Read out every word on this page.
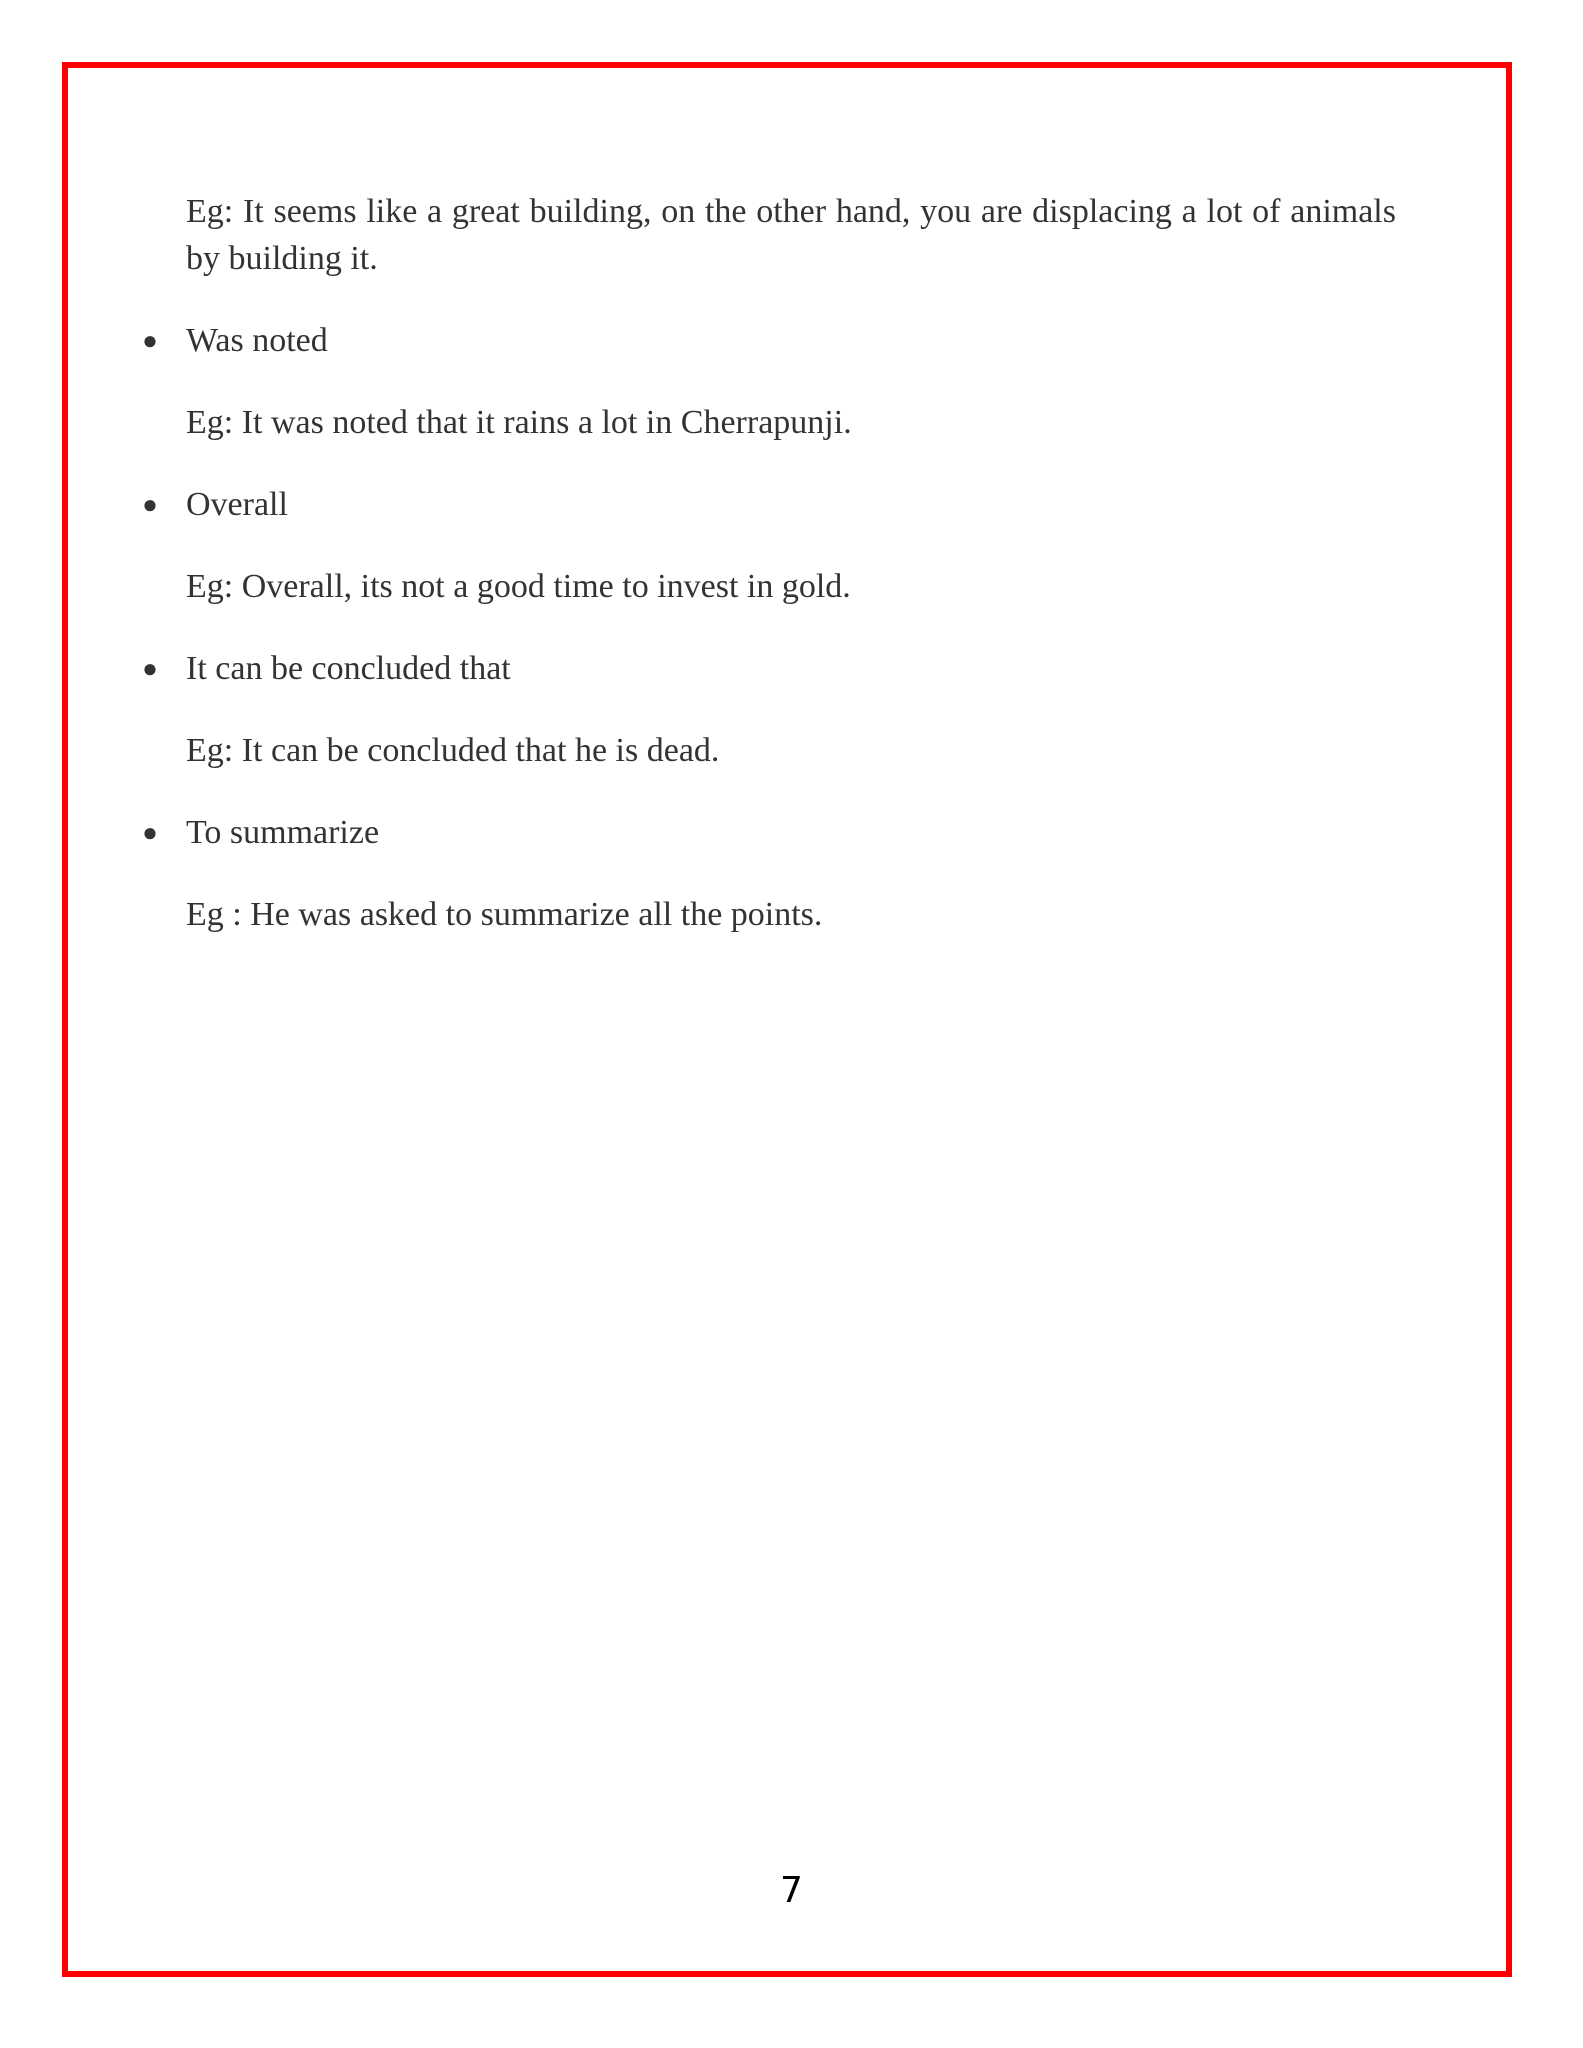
Eg: It seems like a great building, on the other hand, you are displacing a lot of animals by building it.

● Was noted

Eg: It was noted that it rains a lot in Cherrapunji.

● Overall

Eg: Overall, its not a good time to invest in gold.

● It can be concluded that

Eg: It can be concluded that he is dead.

● To summarize

Eg : He was asked to summarize all the points.

7
